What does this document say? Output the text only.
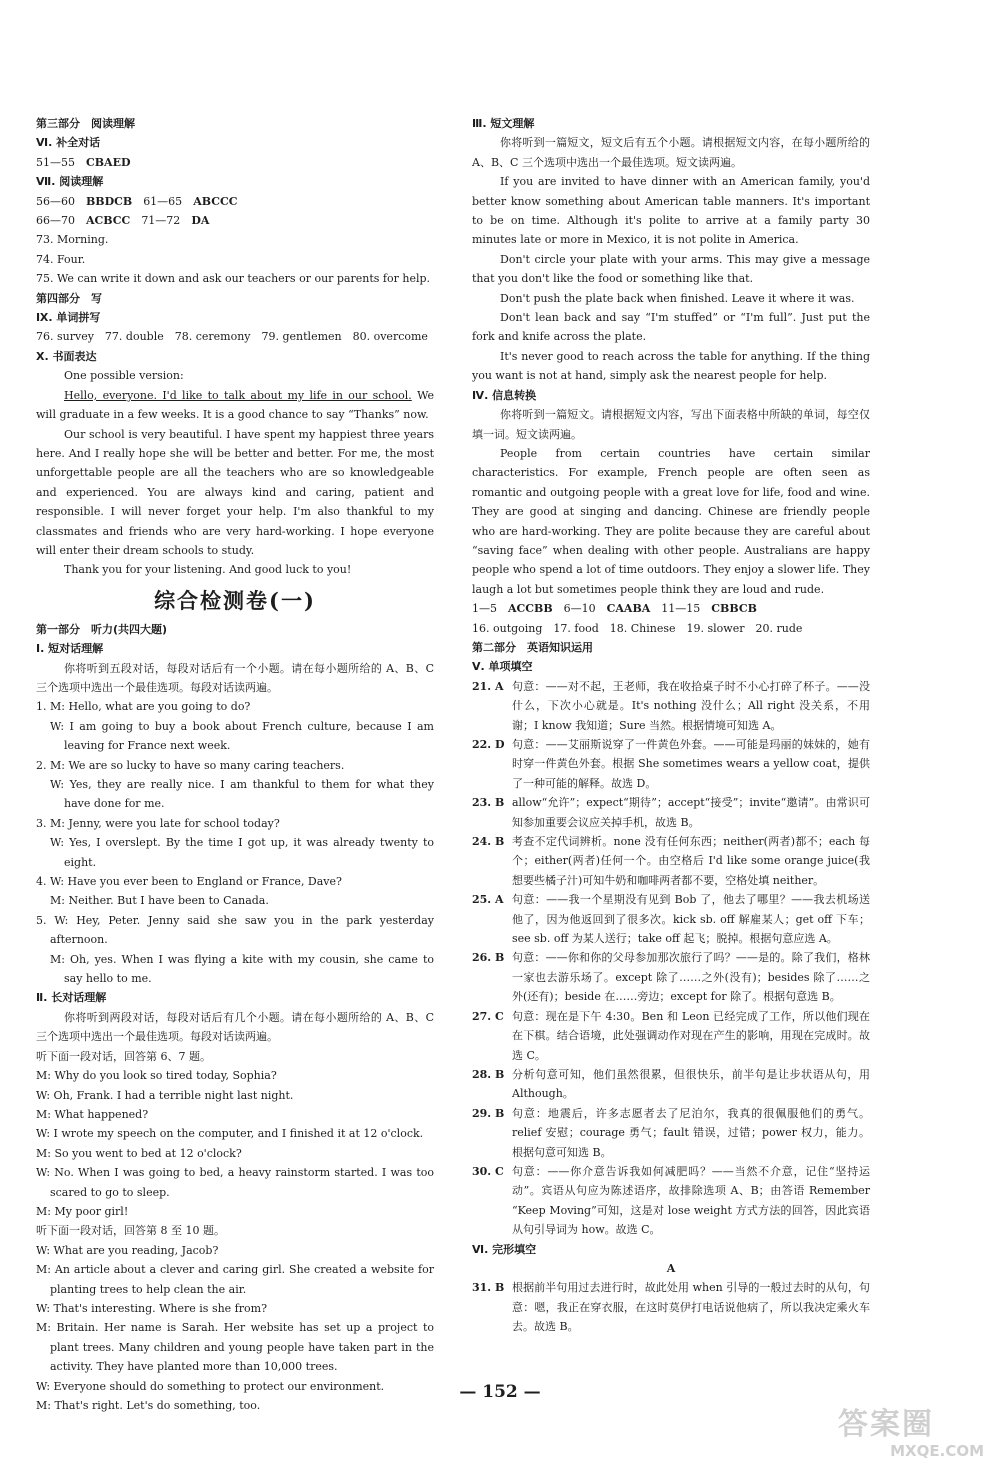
第三部分　阅读理解
Ⅵ. 补全对话
51—55　 CBAED
Ⅶ. 阅读理解
56—60　 BBDCB　 61—65　 ABCCC
66—70　 ACBCC　 71—72　 DA
73. Morning.
74. Four.
75. We can write it down and ask our teachers or our parents for help.
第四部分　写
Ⅸ. 单词拼写
76. survey　77. double　78. ceremony　79. gentlemen　80. overcome
Ⅹ. 书面表达
One possible version:
Hello, everyone. I'd like to talk about my life in our school. We will graduate in a few weeks. It is a good chance to say “Thanks” now.
Our school is very beautiful. I have spent my happiest three years here. And I really hope she will be better and better. For me, the most unforgettable people are all the teachers who are so knowledgeable and experienced. You are always kind and caring, patient and responsible. I will never forget your help. I'm also thankful to my classmates and friends who are very hard-working. I hope everyone will enter their dream schools to study.
Thank you for your listening. And good luck to you!
综合检测卷(一)
第一部分　听力(共四大题)
Ⅰ. 短对话理解
你将听到五段对话，每段对话后有一个小题。请在每小题所给的 A、B、C 三个选项中选出一个最佳选项。每段对话读两遍。
1. M: Hello, what are you going to do?
W: I am going to buy a book about French culture, because I am leaving for France next week.
2. M: We are so lucky to have so many caring teachers.
W: Yes, they are really nice. I am thankful to them for what they have done for me.
3. M: Jenny, were you late for school today?
W: Yes, I overslept. By the time I got up, it was already twenty to eight.
4. W: Have you ever been to England or France, Dave?
M: Neither. But I have been to Canada.
5. W: Hey, Peter. Jenny said she saw you in the park yesterday afternoon.
M: Oh, yes. When I was flying a kite with my cousin, she came to say hello to me.
Ⅱ. 长对话理解
你将听到两段对话，每段对话后有几个小题。请在每小题所给的 A、B、C 三个选项中选出一个最佳选项。每段对话读两遍。
听下面一段对话，回答第 6、7 题。
M: Why do you look so tired today, Sophia?
W: Oh, Frank. I had a terrible night last night.
M: What happened?
W: I wrote my speech on the computer, and I finished it at 12 o'clock.
M: So you went to bed at 12 o'clock?
W: No. When I was going to bed, a heavy rainstorm started. I was too scared to go to sleep.
M: My poor girl!
听下面一段对话，回答第 8 至 10 题。
W: What are you reading, Jacob?
M: An article about a clever and caring girl. She created a website for planting trees to help clean the air.
W: That's interesting. Where is she from?
M: Britain. Her name is Sarah. Her website has set up a project to plant trees. Many children and young people have taken part in the activity. They have planted more than 10,000 trees.
W: Everyone should do something to protect our environment.
M: That's right. Let's do something, too.
Ⅲ. 短文理解
你将听到一篇短文，短文后有五个小题。请根据短文内容，在每小题所给的 A、B、C 三个选项中选出一个最佳选项。短文读两遍。
If you are invited to have dinner with an American family, you'd better know something about American table manners. It's important to be on time. Although it's polite to arrive at a family party 30 minutes late or more in Mexico, it is not polite in America.
Don't circle your plate with your arms. This may give a message that you don't like the food or something like that.
Don't push the plate back when finished. Leave it where it was.
Don't lean back and say “I'm stuffed” or “I'm full”. Just put the fork and knife across the plate.
It's never good to reach across the table for anything. If the thing you want is not at hand, simply ask the nearest people for help.
Ⅳ. 信息转换
你将听到一篇短文。请根据短文内容，写出下面表格中所缺的单词，每空仅填一词。短文读两遍。
People from certain countries have certain similar characteristics. For example, French people are often seen as romantic and outgoing people with a great love for life, food and wine. They are good at singing and dancing. Chinese are friendly people who are hard-working. They are polite because they are careful about “saving face” when dealing with other people. Australians are happy people who spend a lot of time outdoors. They enjoy a slower life. They laugh a lot but sometimes people think they are loud and rude.
1—5　 ACCBB　 6—10　 CAABA　 11—15　 CBBCB
16. outgoing　17. food　18. Chinese　19. slower　20. rude
第二部分　英语知识运用
Ⅴ. 单项填空
21. A 句意：——对不起，王老师，我在收拾桌子时不小心打碎了杯子。——没什么，下次小心就是。It's nothing 没什么；All right 没关系，不用谢；I know 我知道；Sure 当然。根据情境可知选 A。
22. D 句意：——艾丽斯说穿了一件黄色外套。——可能是玛丽的妹妹的，她有时穿一件黄色外套。根据 She sometimes wears a yellow coat，提供了一种可能的解释。故选 D。
23. B allow“允许”；expect“期待”；accept“接受”；invite“邀请”。由常识可知参加重要会议应关掉手机，故选 B。
24. B 考查不定代词辨析。none 没有任何东西；neither(两者)都不；each 每个；either(两者)任何一个。由空格后 I'd like some orange juice(我想要些橘子汁)可知牛奶和咖啡两者都不要，空格处填 neither。
25. A 句意：——我一个星期没有见到 Bob 了，他去了哪里？——我去机场送他了，因为他返回到了很多次。kick sb. off 解雇某人；get off 下车；see sb. off 为某人送行；take off 起飞；脱掉。根据句意应选 A。
26. B 句意：——你和你的父母参加那次旅行了吗？——是的。除了我们，格林一家也去游乐场了。except 除了……之外(没有)；besides 除了……之外(还有)；beside 在……旁边；except for 除了。根据句意选 B。
27. C 句意：现在是下午 4:30。Ben 和 Leon 已经完成了工作，所以他们现在在下棋。结合语境，此处强调动作对现在产生的影响，用现在完成时。故选 C。
28. B 分析句意可知，他们虽然很累，但很快乐，前半句是让步状语从句，用 Although。
29. B 句意：地震后，许多志愿者去了尼泊尔，我真的很佩服他们的勇气。relief 安慰；courage 勇气；fault 错误，过错；power 权力，能力。根据句意可知选 B。
30. C 句意：——你介意告诉我如何减肥吗？——当然不介意，记住“坚持运动”。宾语从句应为陈述语序，故排除选项 A、B；由答语 Remember “Keep Moving”可知，这是对 lose weight 方式方法的回答，因此宾语从句引导词为 how。故选 C。
Ⅵ. 完形填空
A
31. B 根据前半句用过去进行时，故此处用 when 引导的一般过去时的从句，句意：嗯，我正在穿衣服，在这时莫伊打电话说他病了，所以我决定乘火车去。故选 B。
— 152 —
答案圈
MXQE.COM
